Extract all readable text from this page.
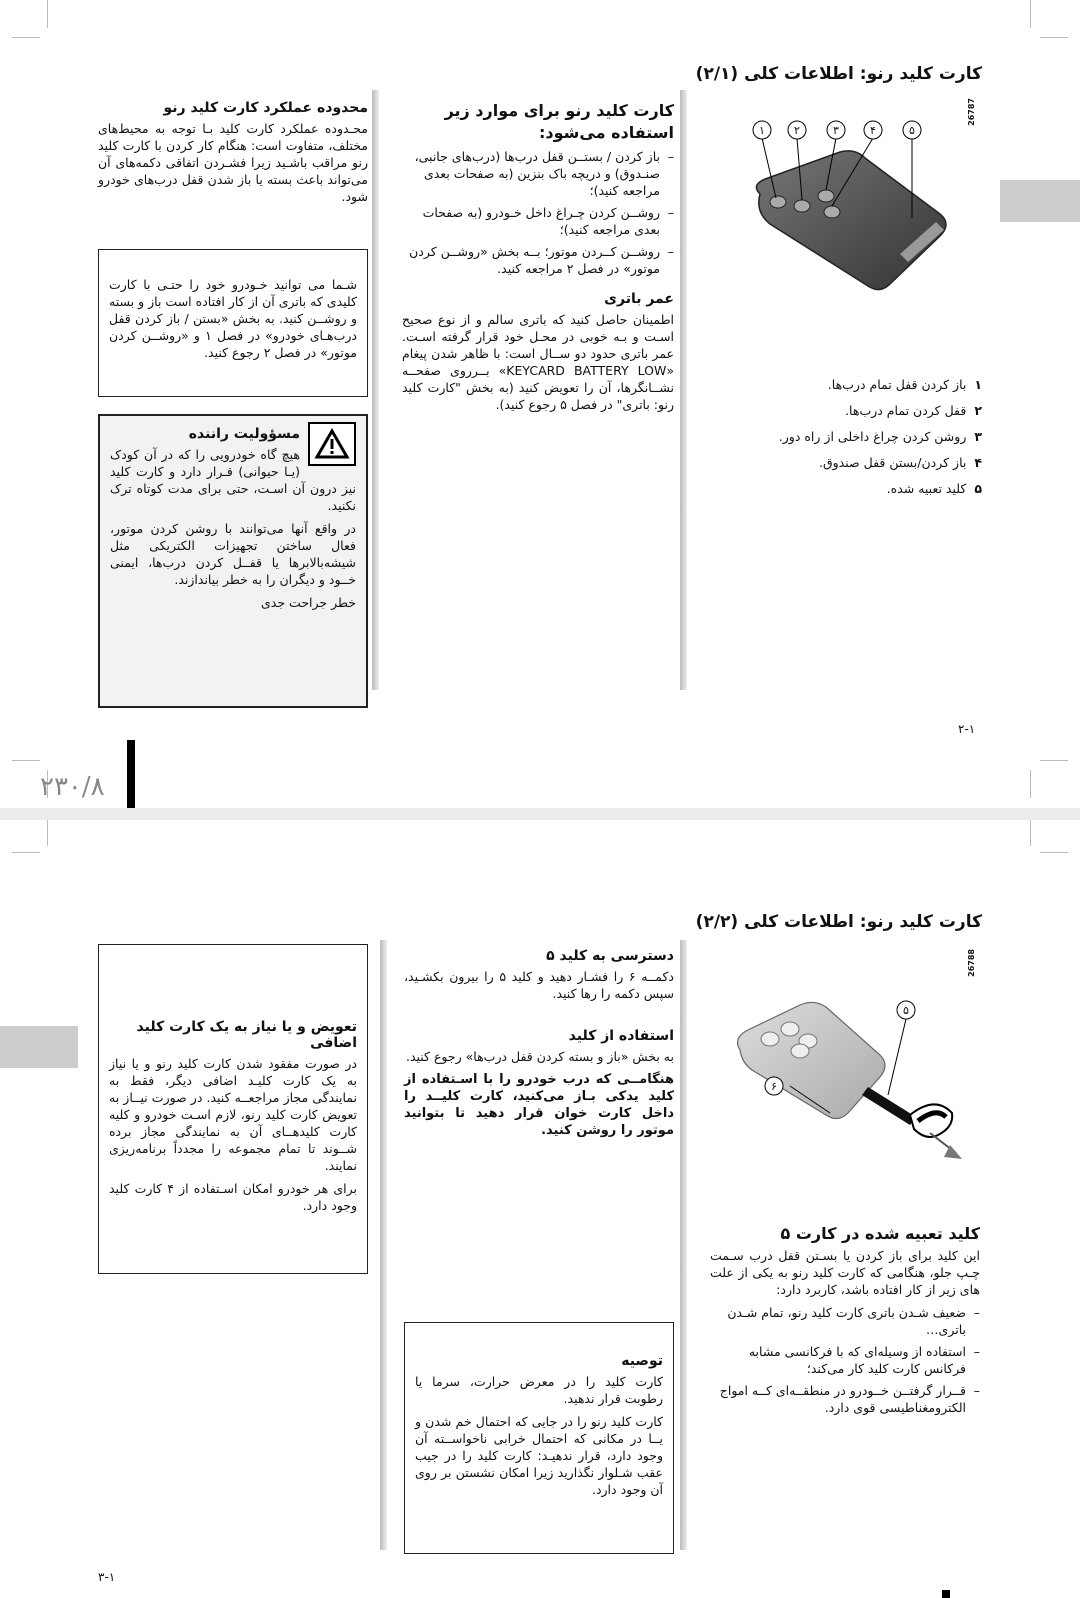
کارت کلید رنو: اطلاعات کلی (۲/۱)
26787
۱	۲	۳	۴	۵
۱باز کردن قفل تمام درب‌ها.
۲قفل کردن تمام درب‌ها.
۳روشن کردن چراغ داخلی از راه دور.
۴باز کردن/بستن قفل صندوق.
۵کلید تعبیه شده.
کارت کلید رنو برای موارد زیر استفاده می‌شود:
– باز کردن / بستــن قفل درب‌ها (درب‌های جانبی، صنـدوق) و دریچه باک بنزین (به صفحات بعدی مراجعه کنید)؛
– روشــن کردن چـراغ داخل خـودرو (به صفحات بعدی مراجعه کنید)؛
– روشــن کــردن موتور؛ بــه بخش «روشــن کردن موتور» در فصل ۲ مراجعه کنید.
عمر باتری

اطمینان حاصل کنید که باتری سالم و از نوع صحیح اسـت و بـه خوبی در محـل خود قرار گرفته اسـت. عمر باتری حدود دو ســال است: با ظاهر شدن پیغام «KEYCARD BATTERY LOW» بــرروی صفحــه نشــانگرها، آن را تعویض کنید (به بخش "کارت کلید رنو: باتری" در فصل ۵ رجوع کنید).

محدوده عملکرد کارت کلید رنو

محـدوده عملکرد کارت کلید بـا توجه به محیط‌های مختلف، متفاوت است: هنگام کار کردن با کارت کلید رنو مراقب باشـید زیرا فشـردن اتفاقی دکمه‌های آن می‌تواند باعث بسته یا باز شدن قفل درب‌های خودرو شود.

شـما می توانید خـودرو خود را حتـی با کارت کلیدی که باتری آن از کار افتاده است باز و بسته و روشــن کنید. به بخش «بستن / باز کردن قفل درب‌هـای خودرو» در فصل ۱ و «روشــن کردن موتور» در فصل ۲ رجوع کنید.

مسؤولیت راننده

هیچ گاه خودرویی را که در آن کودک (یـا حیوانی) قـرار دارد و کارت کلید نیز درون آن اسـت، حتی برای مدت کوتاه ترک نکنید.

در واقع آنها می‌توانند با روشن کردن موتور، فعال ساختن تجهیزات الکتریکی مثل شیشه‌بالابرها یا قفــل کردن درب‌ها، ایمنی خــود و دیگران را به خطر بیاندازند.

خطر جراحت جدی

۲-۱
۲۳۰/۸
کارت کلید رنو: اطلاعات کلی (۲/۲)
26788
۵
۶
کلید تعبیه شده در کارت ۵

این کلید برای باز کردن یا بسـتن قفل درب سـمت چـپ جلو، هنگامی که کارت کلید رنو به یکی از علت های زیر از کار افتاده باشد، کاربرد دارد:

– ضعیف شـدن باتری کارت کلید رنو، تمام شـدن باتری…
– استفاده از وسیله‌ای که با فرکانسی مشابه فرکانس کارت کلید کار می‌کند؛
– قــرار گرفتــن خــودرو در منطقــه‌ای کــه امواج الکترومغناطیسی قوی دارد.
دسترسی به کلید ۵

دکمــه ۶ را فشـار دهید و کلید ۵ را بیرون بکشـید، سپس دکمه را رها کنید.

استفاده از کلید

به بخش «باز و بسته کردن قفل درب‌ها» رجوع کنید.

هنگامــی که درب خودرو را با اسـتفاده از کلید یدکی بـاز می‌کنید، کارت کلیــد را داخل کارت خوان قرار دهید تا بتوانید موتور را روشن کنید.

توصیه

کارت کلید را در معرض حرارت، سرما یا رطوبت قرار ندهید.

کارت کلید رنو را در جایی که احتمال خم شدن و یــا در مکانی که احتمال خرابی ناخواســته آن وجود دارد، قرار ندهیـد: کارت کلید را در جیب عقب شـلوار نگذارید زیرا امکان نشستن بر روی آن وجود دارد.

تعویض و یا نیاز به یک کارت کلید اضافی

در صورت مفقود شدن کارت کلید رنو و یا نیاز به یک کارت کلیـد اضافی دیگر، فقط به نمایندگی مجاز مراجعــه کنید. در صورت نیــاز به تعویض کارت کلید رنو، لازم اسـت خودرو و کلیه کارت کلیدهــای آن به نمایندگی مجاز برده شــوند تا تمام مجموعه را مجدداً برنامه‌ریزی نمایند.

برای هر خودرو امکان اسـتفاده از ۴ کارت کلید وجود دارد.

۳-۱
